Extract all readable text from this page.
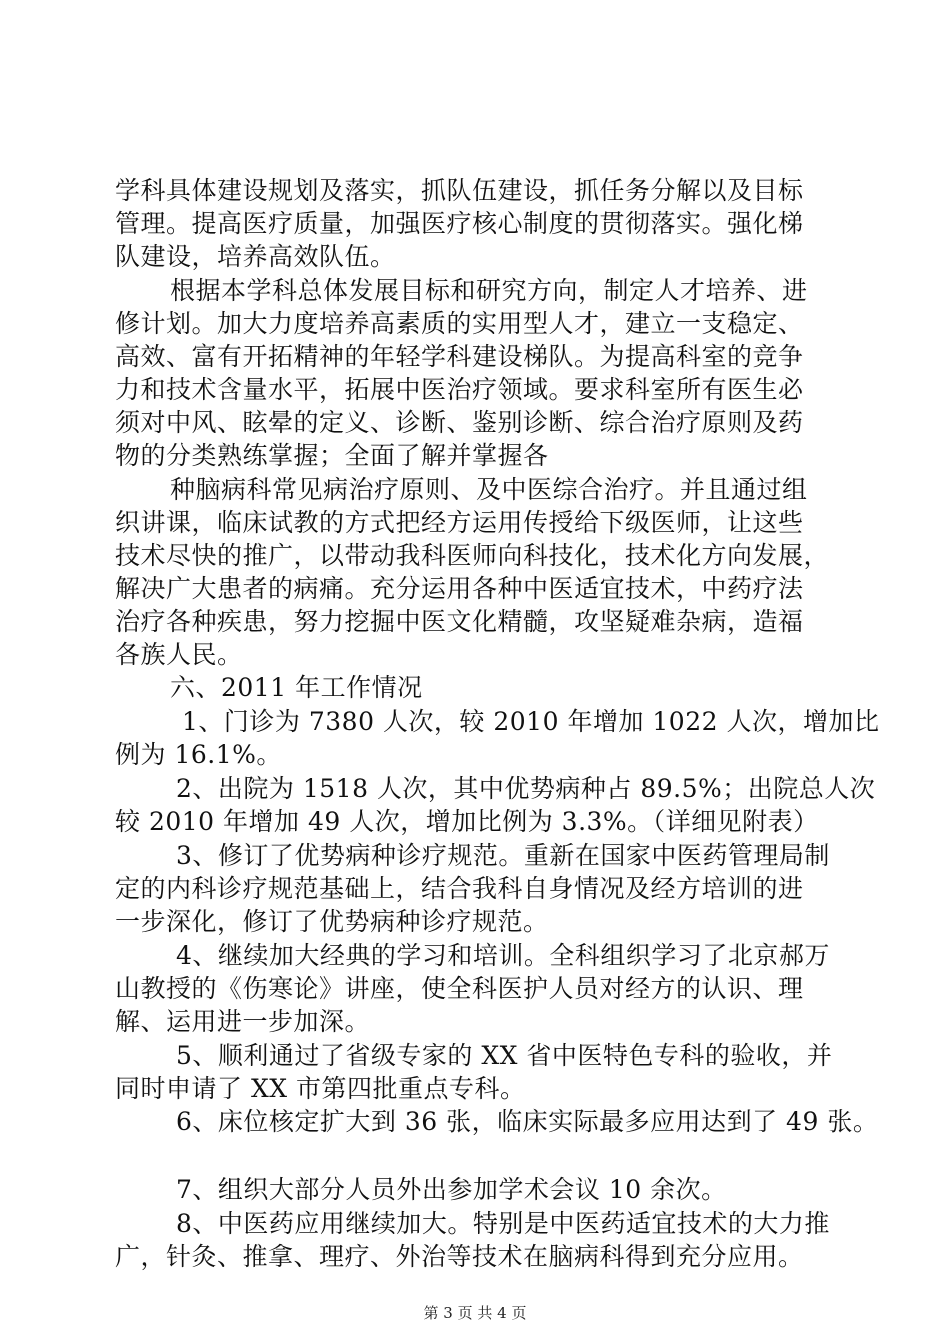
学科具体建设规划及落实，抓队伍建设，抓任务分解以及目标
管理。提高医疗质量，加强医疗核心制度的贯彻落实。强化梯
队建设，培养高效队伍。
根据本学科总体发展目标和研究方向，制定人才培养、进
修计划。加大力度培养高素质的实用型人才，建立一支稳定、
高效、富有开拓精神的年轻学科建设梯队。为提高科室的竞争
力和技术含量水平，拓展中医治疗领域。要求科室所有医生必
须对中风、眩晕的定义、诊断、鉴别诊断、综合治疗原则及药
物的分类熟练掌握；全面了解并掌握各
种脑病科常见病治疗原则、及中医综合治疗。并且通过组
织讲课，临床试教的方式把经方运用传授给下级医师，让这些
技术尽快的推广，以带动我科医师向科技化，技术化方向发展，
解决广大患者的病痛。充分运用各种中医适宜技术，中药疗法
治疗各种疾患，努力挖掘中医文化精髓，攻坚疑难杂病，造福
各族人民。
六、2011 年工作情况
1、门诊为 7380 人次，较 2010 年增加 1022 人次，增加比
例为 16.1%。
2、出院为 1518 人次，其中优势病种占 89.5%；出院总人次
较 2010 年增加 49 人次，增加比例为 3.3%。（详细见附表）
3、修订了优势病种诊疗规范。重新在国家中医药管理局制
定的内科诊疗规范基础上，结合我科自身情况及经方培训的进
一步深化，修订了优势病种诊疗规范。
4、继续加大经典的学习和培训。全科组织学习了北京郝万
山教授的《伤寒论》讲座，使全科医护人员对经方的认识、理
解、运用进一步加深。
5、顺利通过了省级专家的 XX 省中医特色专科的验收，并
同时申请了 XX 市第四批重点专科。
6、床位核定扩大到 36 张，临床实际最多应用达到了 49 张。
7、组织大部分人员外出参加学术会议 10 余次。
8、中医药应用继续加大。特别是中医药适宜技术的大力推
广，针灸、推拿、理疗、外治等技术在脑病科得到充分应用。
第 3 页 共 4 页
